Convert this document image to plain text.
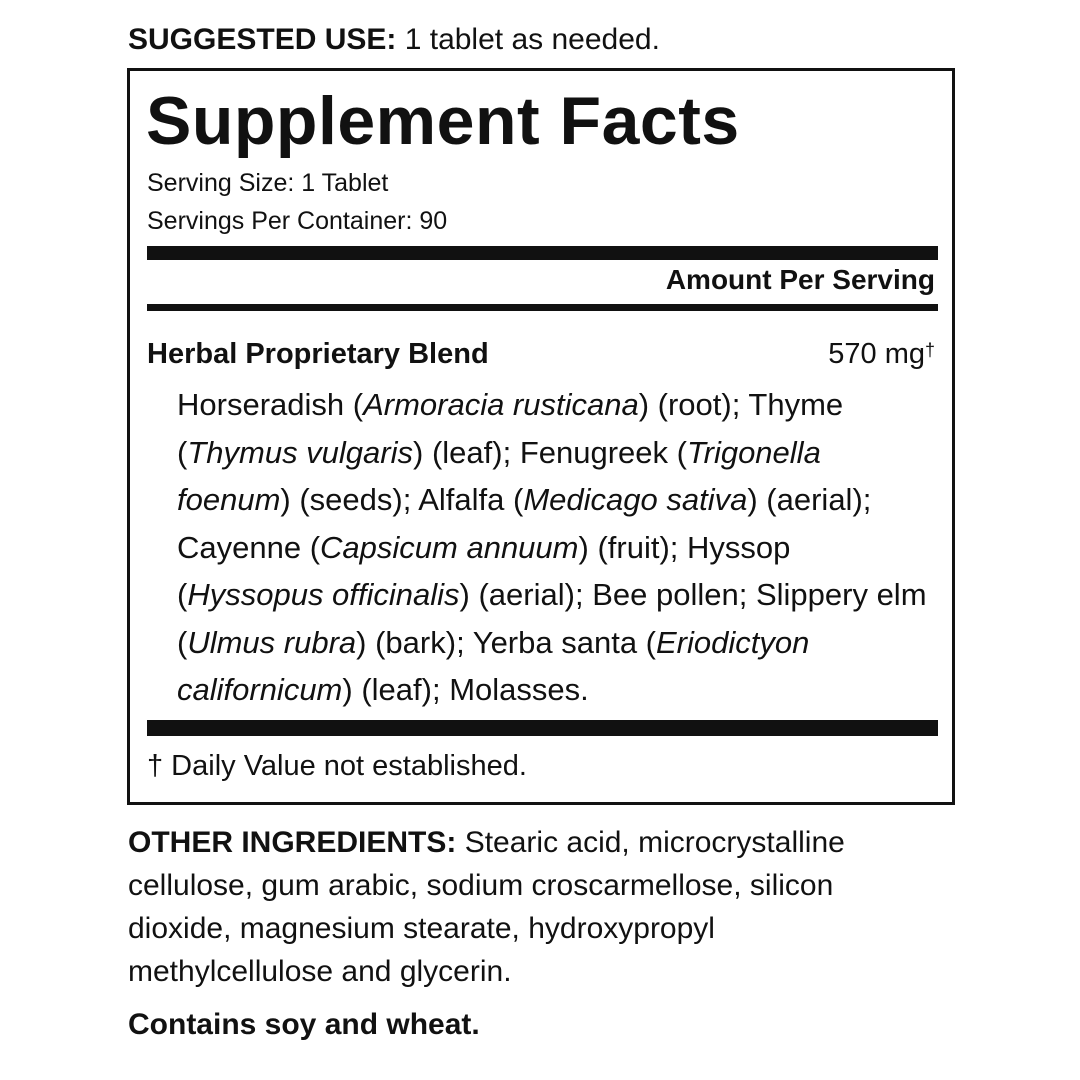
SUGGESTED USE: 1 tablet as needed.
Supplement Facts
Serving Size: 1 Tablet
Servings Per Container: 90
Amount Per Serving
Herbal Proprietary Blend	570 mg†
Horseradish (Armoracia rusticana) (root); Thyme (Thymus vulgaris) (leaf); Fenugreek (Trigonella foenum) (seeds); Alfalfa (Medicago sativa) (aerial); Cayenne (Capsicum annuum) (fruit); Hyssop (Hyssopus officinalis) (aerial); Bee pollen; Slippery elm (Ulmus rubra) (bark); Yerba santa (Eriodictyon californicum) (leaf); Molasses.
† Daily Value not established.
OTHER INGREDIENTS: Stearic acid, microcrystalline cellulose, gum arabic, sodium croscarmellose, silicon dioxide, magnesium stearate, hydroxypropyl methylcellulose and glycerin.
Contains soy and wheat.
